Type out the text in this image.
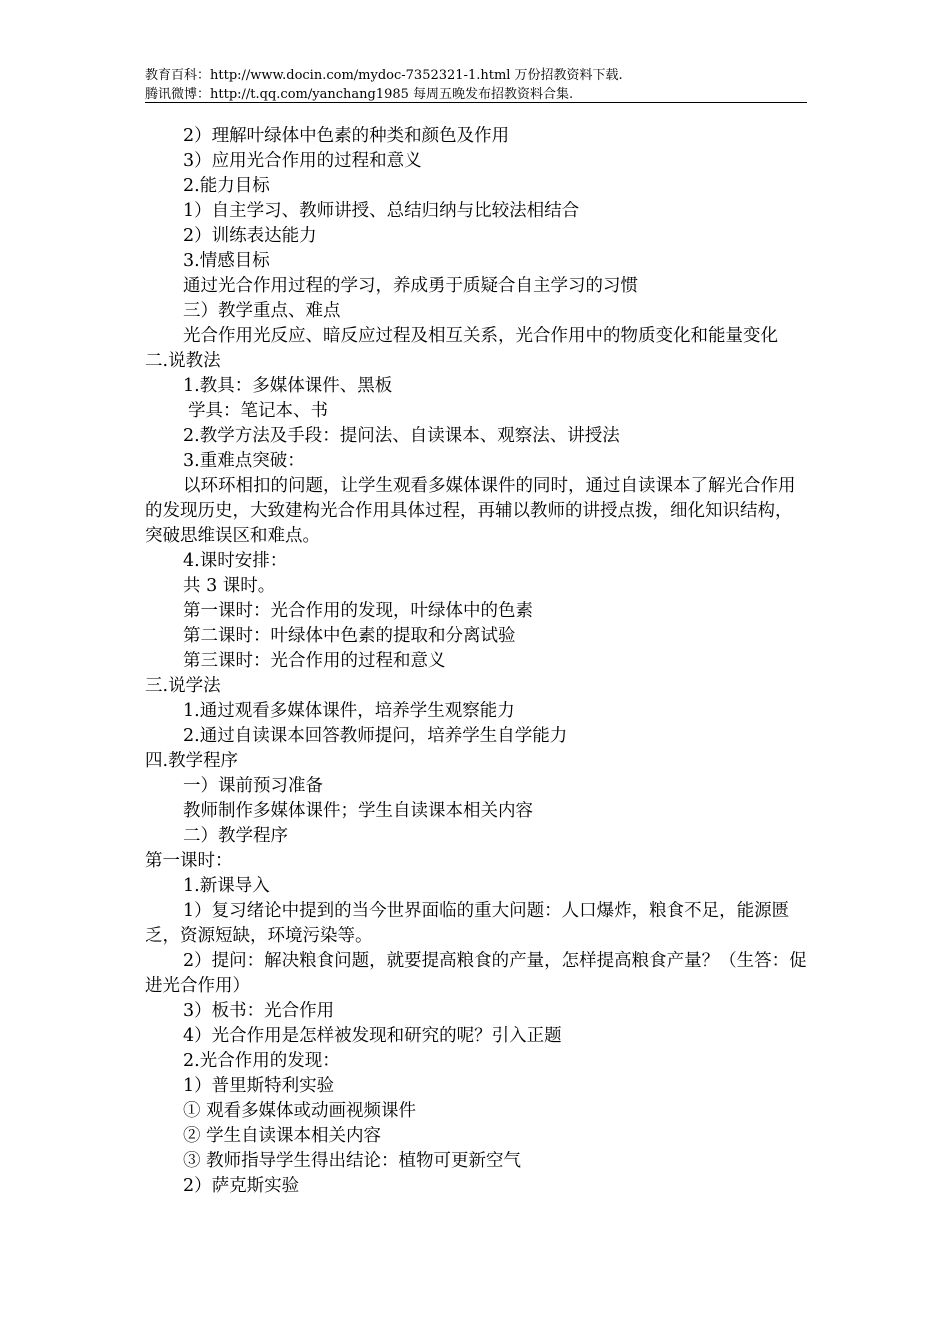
教育百科：http://www.docin.com/mydoc-7352321-1.html 万份招教资料下载.
腾讯微博：http://t.qq.com/yanchang1985 每周五晚发布招教资料合集.

2）理解叶绿体中色素的种类和颜色及作用

3）应用光合作用的过程和意义

2.能力目标

1）自主学习、教师讲授、总结归纳与比较法相结合

2）训练表达能力

3.情感目标

通过光合作用过程的学习，养成勇于质疑合自主学习的习惯

三）教学重点、难点

光合作用光反应、暗反应过程及相互关系，光合作用中的物质变化和能量变化

二.说教法

1.教具：多媒体课件、黑板

学具：笔记本、书

2.教学方法及手段：提问法、自读课本、观察法、讲授法

3.重难点突破：

以环环相扣的问题，让学生观看多媒体课件的同时，通过自读课本了解光合作用的发现历史，大致建构光合作用具体过程，再辅以教师的讲授点拨，细化知识结构，突破思维误区和难点。

4.课时安排：

共 3 课时。

第一课时：光合作用的发现，叶绿体中的色素

第二课时：叶绿体中色素的提取和分离试验

第三课时：光合作用的过程和意义

三.说学法

1.通过观看多媒体课件，培养学生观察能力

2.通过自读课本回答教师提问，培养学生自学能力

四.教学程序

一）课前预习准备

教师制作多媒体课件；学生自读课本相关内容

二）教学程序

第一课时：

1.新课导入

1）复习绪论中提到的当今世界面临的重大问题：人口爆炸，粮食不足，能源匮乏，资源短缺，环境污染等。

2）提问：解决粮食问题，就要提高粮食的产量，怎样提高粮食产量？（生答：促进光合作用）

3）板书：光合作用

4）光合作用是怎样被发现和研究的呢？引入正题

2.光合作用的发现：

1）普里斯特利实验

① 观看多媒体或动画视频课件

② 学生自读课本相关内容

③ 教师指导学生得出结论：植物可更新空气

2）萨克斯实验
